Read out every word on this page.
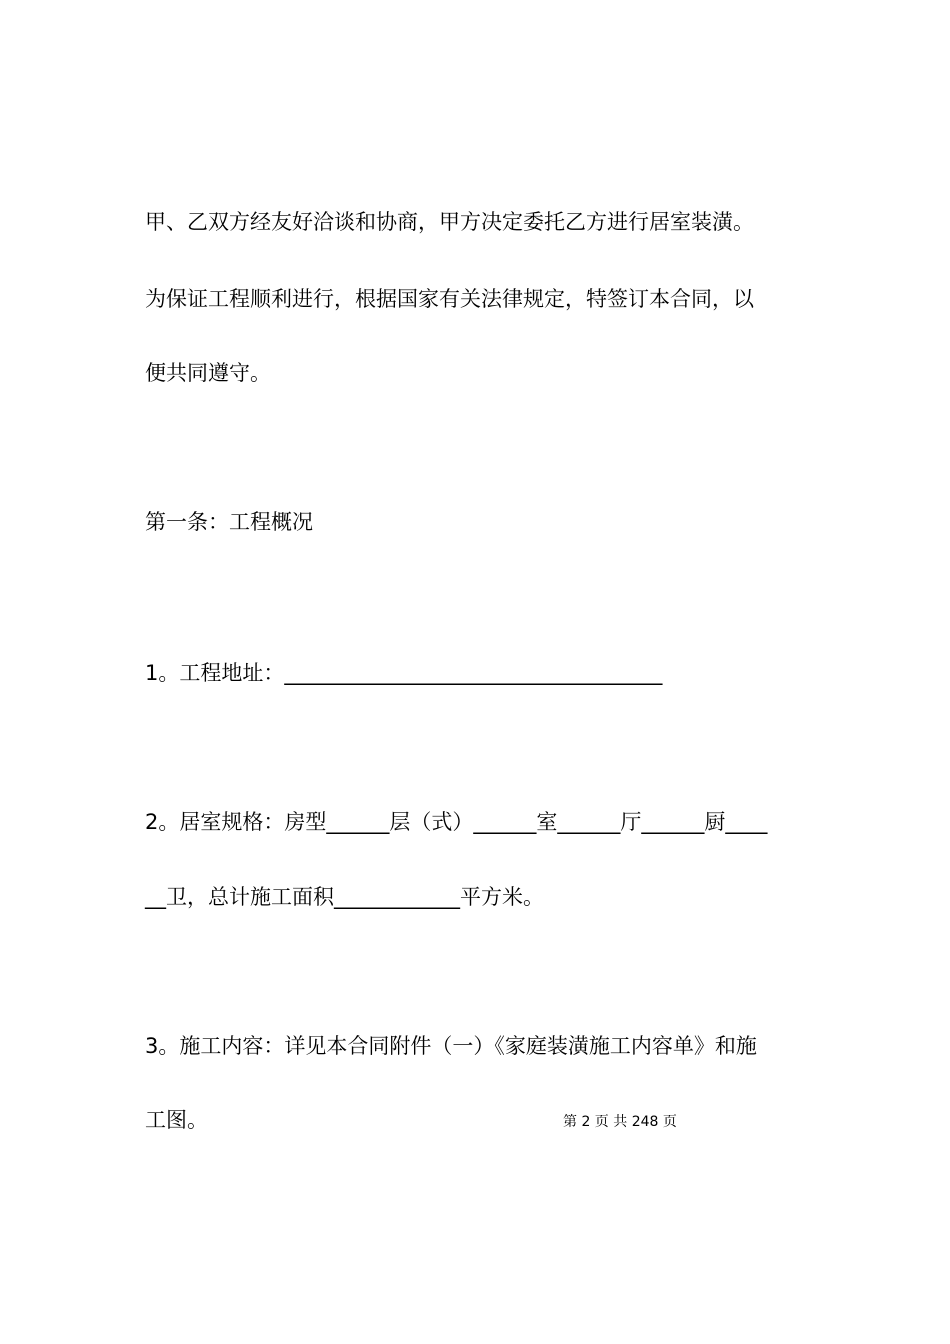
甲、乙双方经友好洽谈和协商，甲方决定委托乙方进行居室装潢。

为保证工程顺利进行，根据国家有关法律规定，特签订本合同，以

便共同遵守。

第一条：工程概况

1。工程地址：____________________________________

2。居室规格：房型______层（式）______室______厅______厨____

__卫，总计施工面积____________平方米。

3。施工内容：详见本合同附件（一）《家庭装潢施工内容单》和施

工图。	第 2 页 共 248 页
